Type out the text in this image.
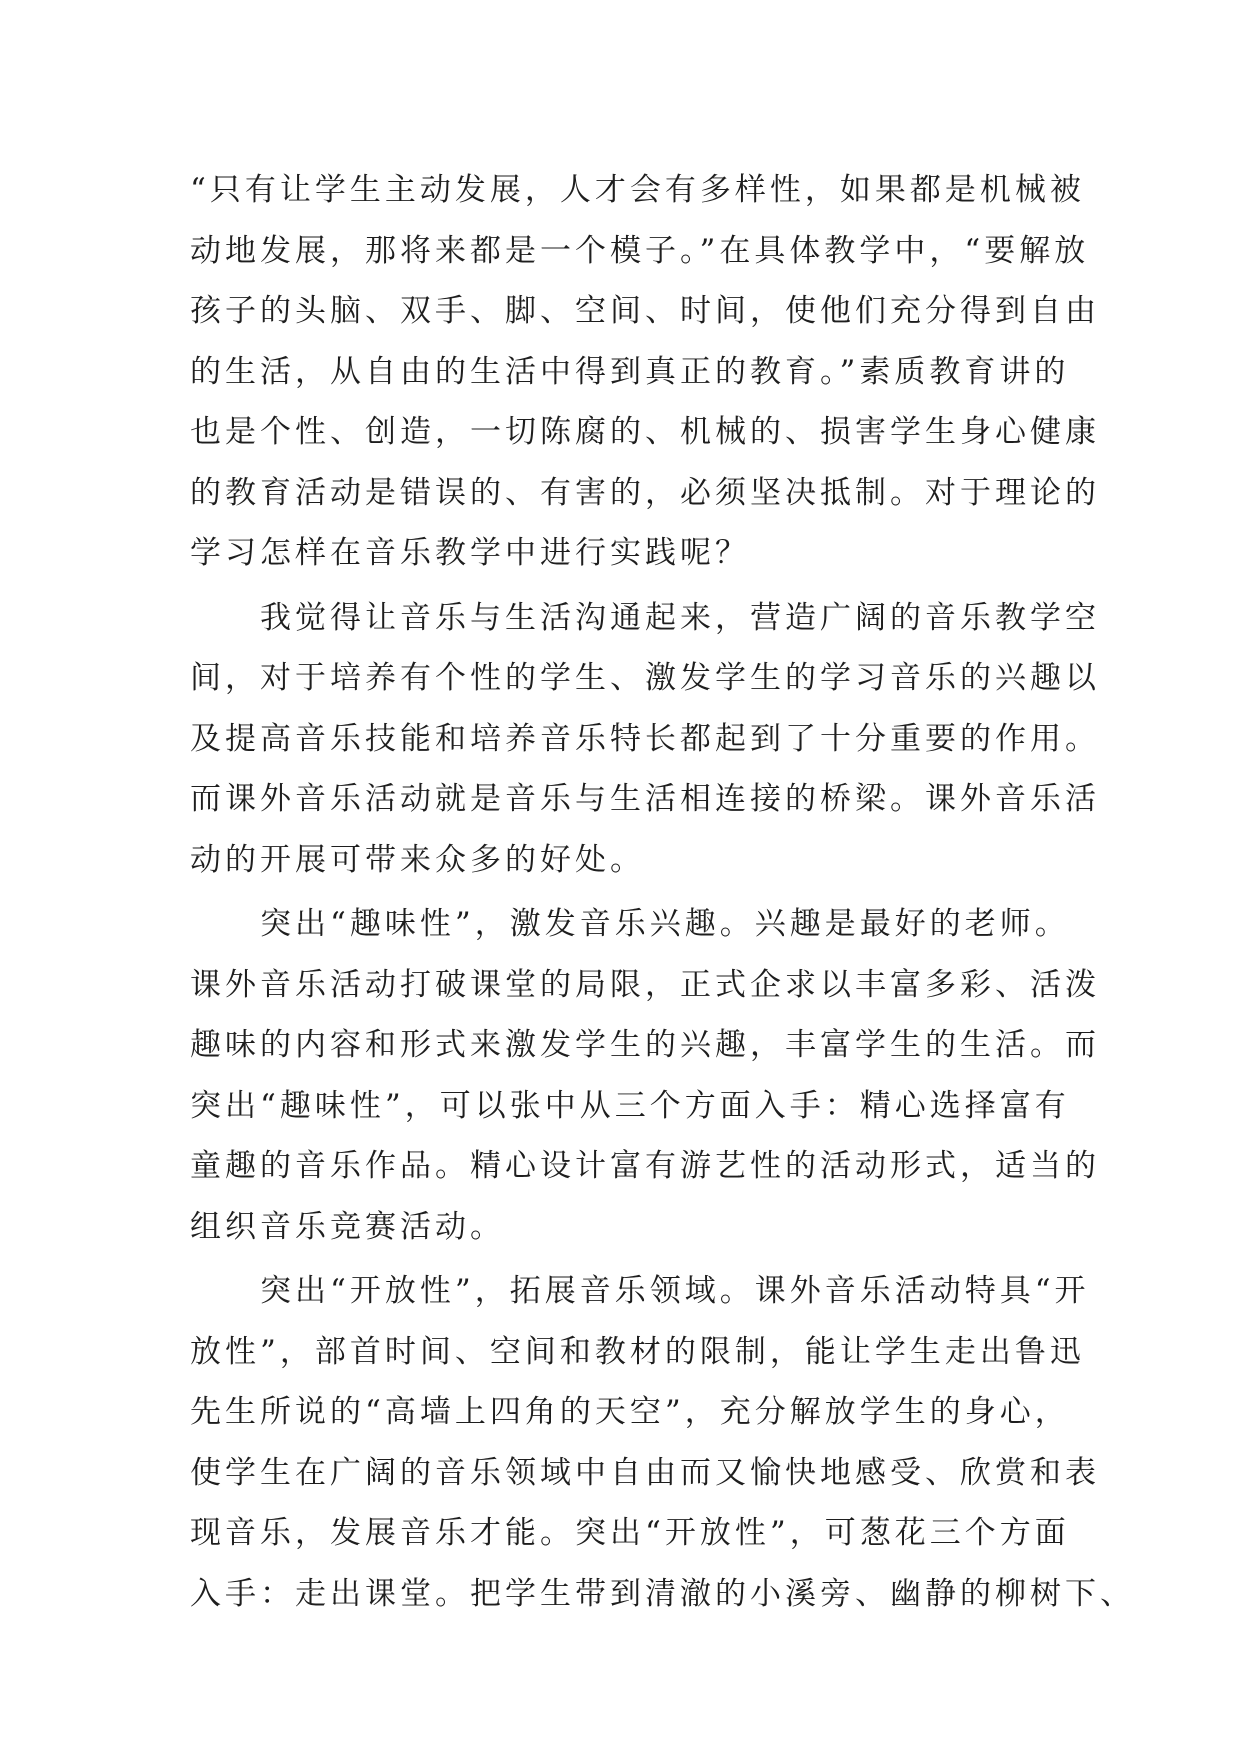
“只有让学生主动发展，人才会有多样性，如果都是机械被
动地发展，那将来都是一个模子。”在具体教学中，“要解放
孩子的头脑、双手、脚、空间、时间，使他们充分得到自由
的生活，从自由的生活中得到真正的教育。”素质教育讲的
也是个性、创造，一切陈腐的、机械的、损害学生身心健康
的教育活动是错误的、有害的，必须坚决抵制。对于理论的
学习怎样在音乐教学中进行实践呢？
　　我觉得让音乐与生活沟通起来，营造广阔的音乐教学空
间，对于培养有个性的学生、激发学生的学习音乐的兴趣以
及提高音乐技能和培养音乐特长都起到了十分重要的作用。
而课外音乐活动就是音乐与生活相连接的桥梁。课外音乐活
动的开展可带来众多的好处。
　　突出“趣味性”，激发音乐兴趣。兴趣是最好的老师。
课外音乐活动打破课堂的局限，正式企求以丰富多彩、活泼
趣味的内容和形式来激发学生的兴趣，丰富学生的生活。而
突出“趣味性”，可以张中从三个方面入手：精心选择富有
童趣的音乐作品。精心设计富有游艺性的活动形式，适当的
组织音乐竞赛活动。
　　突出“开放性”，拓展音乐领域。课外音乐活动特具“开
放性”，部首时间、空间和教材的限制，能让学生走出鲁迅
先生所说的“高墙上四角的天空”，充分解放学生的身心，
使学生在广阔的音乐领域中自由而又愉快地感受、欣赏和表
现音乐，发展音乐才能。突出“开放性”，可葱花三个方面
入手：走出课堂。把学生带到清澈的小溪旁、幽静的柳树下、
